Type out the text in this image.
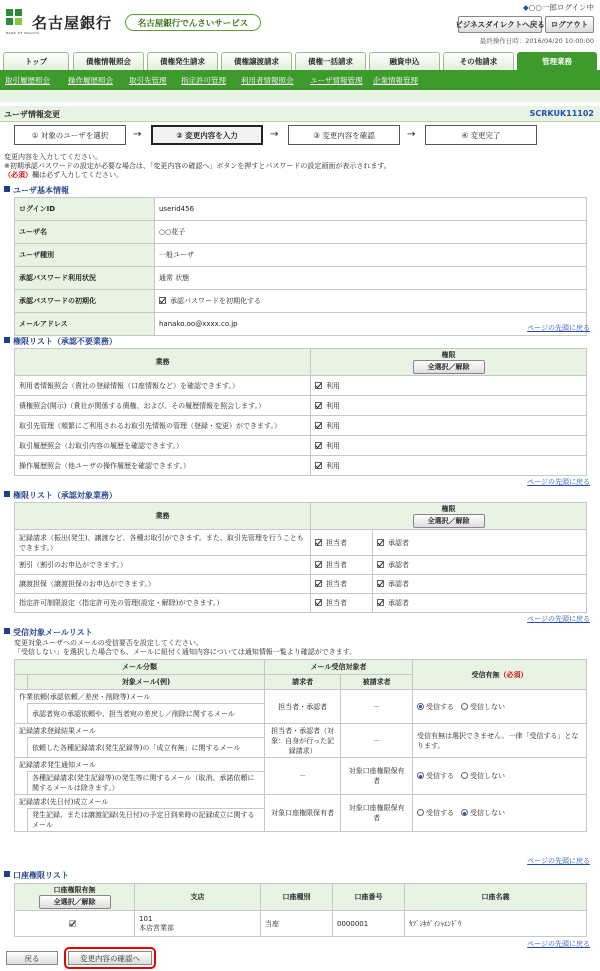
名古屋銀行
BANK OF NAGOYA
名古屋銀行でんさいサービス
◆○○一郎ログイン中
ビジネスダイレクトへ戻る ログアウト
最終操作日時：2016/04/20 10:00:00
トップ	債権情報照会	債権発生請求	債権譲渡請求	債権一括請求	融資申込	その他請求	管理業務
取引履歴照会 操作履歴照会 取引先管理 指定許可管理 利用者情報照会 ユーザ情報管理 企業情報管理
ユーザ情報変更	SCRKUK11102
① 対象のユーザを選択	→	② 変更内容を入力	→	③ 変更内容を確認	→	④ 変更完了
変更内容を入力してください。
※初期承認パスワードの設定が必要な場合は、「変更内容の確認へ」ボタンを押すとパスワードの設定画面が表示されます。
（必須）欄は必ず入力してください。
ユーザ基本情報
ログインID	userid456
ユーザ名	○○花子
ユーザ種別	一般ユーザ
承認パスワード利用状況	通常 状態
承認パスワードの初期化	承認パスワードを初期化する
メールアドレス	hanako.oo@xxxx.co.jp	ページの先頭に戻る
権限リスト（承認不要業務）
業務	権限
全選択／解除
利用者情報照会（貴社の登録情報（口座情報など）を確認できます。）	利用
債権照会(開示)（貴社が関係する債権、および、その履歴情報を照会します。）	利用
取引先管理（頻繁にご利用されるお取引先情報の管理（登録・変更）ができます。）	利用
取引履歴照会（お取引内容の履歴を確認できます。）	利用
操作履歴照会（他ユーザの操作履歴を確認できます。）	利用
ページの先頭に戻る
権限リスト（承認対象業務）
業務	権限
全選択／解除	
記録請求（振出(発生)、譲渡など、各種お取引ができます。また、取引先管理を行うことも できます。）	担当者	承認者
割引（割引のお申込ができます。）	担当者	承認者
譲渡担保（譲渡担保のお申込ができます。）	担当者	承認者
指定許可制限設定（指定許可先の管理(設定・解除)ができます。）	担当者	承認者
ページの先頭に戻る
受信対象メールリスト
変更対象ユーザへのメールの受信要否を設定してください。
「受信しない」を選択した場合でも、メールに紐付く通知内容については通知情報一覧より確認ができます。
メール分類		メール受信対象者		受信有無（必須）
	対象メール(例)	請求者	被請求者	
作業依頼(承認依頼／差戻・削除等)メール		担当者・承認者	－	受信する　 受信しない
	承認者宛の承認依頼や、担当者宛の差戻し／削除に関するメール			
記録請求登録結果メール		担当者・承認者（対象：自身が行った記録請求）	－	受信有無は選択できません。一律「受信する」となります。
	依頼した各種記録請求(発生記録等)の「成立有無」に関するメール			
記録請求発生通知メール		－	対象口座権限保有者	受信する　 受信しない
	各種記録請求(発生記録等)の発生等に関するメール（取消、承諾依頼に関するメールは除きます。）			
記録請求(先日付)成立メール		対象口座権限保有者	対象口座権限保有者	受信する　 受信しない
	発生記録、または譲渡記録(先日付)の予定日到来時の記録成立に関するメール			
ページの先頭に戻る
口座権限リスト
口座権限有無
全選択／解除	支店	口座種別	口座番号	口座名義
	101
本店営業部	当座	0000001	ｶﾌﾞｼｷｶﾞｲｼｬｴﾝﾄﾞｳ
ページの先頭に戻る
戻る	変更内容の確認へ
